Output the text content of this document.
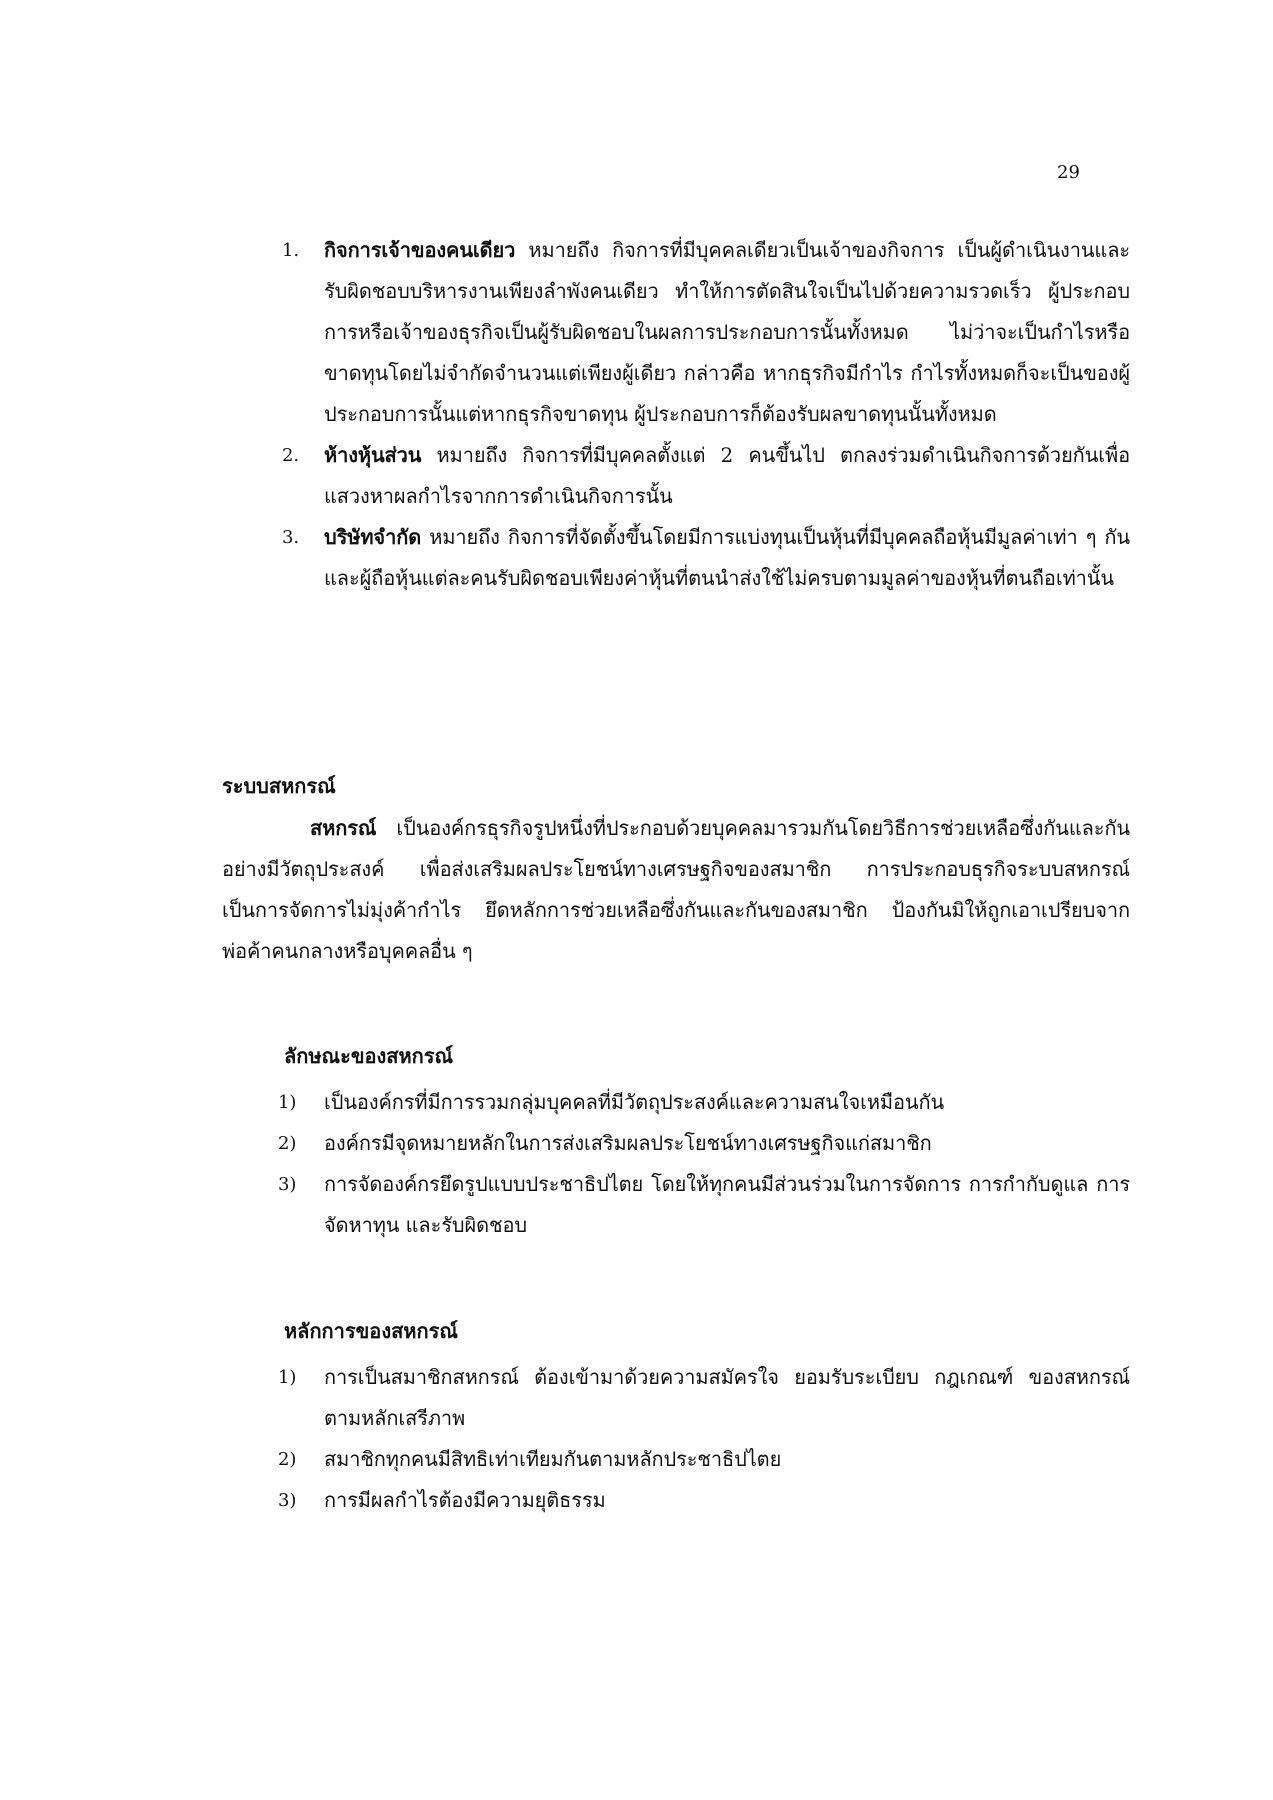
29
1. กิจการเจ้าของคนเดียว หมายถึง กิจการที่มีบุคคลเดียวเป็นเจ้าของกิจการ เป็นผู้ดำเนินงานและรับผิดชอบบริหารงานเพียงลำพังคนเดียว ทำให้การตัดสินใจเป็นไปด้วยความรวดเร็ว ผู้ประกอบการหรือเจ้าของธุรกิจเป็นผู้รับผิดชอบในผลการประกอบการนั้นทั้งหมด ไม่ว่าจะเป็นกำไรหรือขาดทุนโดยไม่จำกัดจำนวนแต่เพียงผู้เดียว กล่าวคือ หากธุรกิจมีกำไร กำไรทั้งหมดก็จะเป็นของผู้ประกอบการนั้นแต่หากธุรกิจขาดทุน ผู้ประกอบการก็ต้องรับผลขาดทุนนั้นทั้งหมด
2. ห้างหุ้นส่วน หมายถึง กิจการที่มีบุคคลตั้งแต่ 2 คนขึ้นไป ตกลงร่วมดำเนินกิจการด้วยกันเพื่อแสวงหาผลกำไรจากการดำเนินกิจการนั้น
3. บริษัทจำกัด หมายถึง กิจการที่จัดตั้งขึ้นโดยมีการแบ่งทุนเป็นหุ้นที่มีบุคคลถือหุ้นมีมูลค่าเท่า ๆ กัน และผู้ถือหุ้นแต่ละคนรับผิดชอบเพียงค่าหุ้นที่ตนนำส่งใช้ไม่ครบตามมูลค่าของหุ้นที่ตนถือเท่านั้น
ระบบสหกรณ์

สหกรณ์ เป็นองค์กรธุรกิจรูปหนึ่งที่ประกอบด้วยบุคคลมารวมกันโดยวิธีการช่วยเหลือซึ่งกันและกันอย่างมีวัตถุประสงค์ เพื่อส่งเสริมผลประโยชน์ทางเศรษฐกิจของสมาชิก การประกอบธุรกิจระบบสหกรณ์เป็นการจัดการไม่มุ่งค้ากำไร ยึดหลักการช่วยเหลือซึ่งกันและกันของสมาชิก ป้องกันมิให้ถูกเอาเปรียบจากพ่อค้าคนกลางหรือบุคคลอื่น ๆ

ลักษณะของสหกรณ์
1) เป็นองค์กรที่มีการรวมกลุ่มบุคคลที่มีวัตถุประสงค์และความสนใจเหมือนกัน
2) องค์กรมีจุดหมายหลักในการส่งเสริมผลประโยชน์ทางเศรษฐกิจแก่สมาชิก
3) การจัดองค์กรยึดรูปแบบประชาธิปไตย โดยให้ทุกคนมีส่วนร่วมในการจัดการ การกำกับดูแล การจัดหาทุน และรับผิดชอบ
หลักการของสหกรณ์
1) การเป็นสมาชิกสหกรณ์ ต้องเข้ามาด้วยความสมัครใจ ยอมรับระเบียบ กฎเกณฑ์ ของสหกรณ์ตามหลักเสรีภาพ
2) สมาชิกทุกคนมีสิทธิเท่าเทียมกันตามหลักประชาธิปไตย
3) การมีผลกำไรต้องมีความยุติธรรม
